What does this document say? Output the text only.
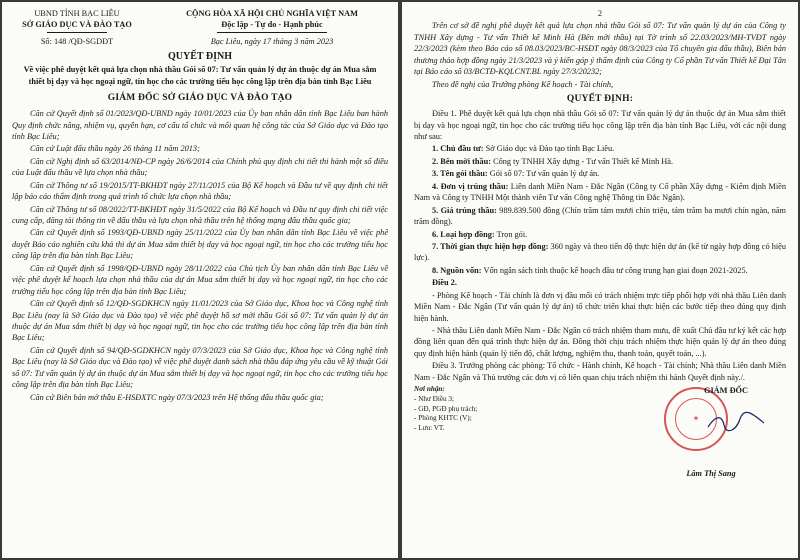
UBND TỈNH BẠC LIÊU
SỞ GIÁO DỤC VÀ ĐÀO TẠO
Số: 148 /QĐ-SGDĐT
CỘNG HÒA XÃ HỘI CHỦ NGHĨA VIỆT NAM
Độc lập - Tự do - Hạnh phúc
Bạc Liêu, ngày 17 tháng 3 năm 2023
QUYẾT ĐỊNH
Về việc phê duyệt kết quả lựa chọn nhà thầu Gói số 07: Tư vấn quản lý dự án thuộc dự án Mua sắm thiết bị dạy và học ngoại ngữ, tin học cho các trường tiểu học công lập trên địa bàn tỉnh Bạc Liêu
GIÁM ĐỐC SỞ GIÁO DỤC VÀ ĐÀO TẠO

Căn cứ Quyết định số 01/2023/QĐ-UBND ngày 10/01/2023 của Ủy ban nhân dân tỉnh Bạc Liêu ban hành Quy định chức năng, nhiệm vụ, quyền hạn, cơ cấu tổ chức và mối quan hệ công tác của Sở Giáo dục và Đào tạo tỉnh Bạc Liêu;

Căn cứ Luật đấu thầu ngày 26 tháng 11 năm 2013;

Căn cứ Nghị định số 63/2014/NĐ-CP ngày 26/6/2014 của Chính phủ quy định chi tiết thi hành một số điều của Luật đấu thầu về lựa chọn nhà thầu;

Căn cứ Thông tư số 19/2015/TT-BKHĐT ngày 27/11/2015 của Bộ Kế hoạch và Đầu tư về quy định chi tiết lập báo cáo thẩm định trong quá trình tổ chức lựa chọn nhà thầu;

Căn cứ Thông tư số 08/2022/TT-BKHĐT ngày 31/5/2022 của Bộ Kế hoạch và Đầu tư quy định chi tiết việc cung cấp, đăng tải thông tin về đấu thầu và lựa chọn nhà thầu trên hệ thống mạng đấu thầu quốc gia;

Căn cứ Quyết định số 1993/QĐ-UBND ngày 25/11/2022 của Ủy ban nhân dân tỉnh Bạc Liêu về việc phê duyệt Báo cáo nghiên cứu khả thi dự án Mua sắm thiết bị dạy và học ngoại ngữ, tin học cho các trường tiểu học công lập trên địa bàn tỉnh Bạc Liêu;

Căn cứ Quyết định số 1998/QĐ-UBND ngày 28/11/2022 của Chủ tịch Ủy ban nhân dân tỉnh Bạc Liêu về việc phê duyệt kế hoạch lựa chọn nhà thầu của dự án Mua sắm thiết bị dạy và học ngoại ngữ, tin học cho các trường tiểu học công lập trên địa bàn tỉnh Bạc Liêu;

Căn cứ Quyết định số 12/QĐ-SGDKHCN ngày 11/01/2023 của Sở Giáo dục, Khoa học và Công nghệ tỉnh Bạc Liêu (nay là Sở Giáo dục và Đào tạo) về việc phê duyệt hồ sơ mời thầu Gói số 07: Tư vấn quản lý dự án thuộc dự án Mua sắm thiết bị dạy và học ngoại ngữ, tin học cho các trường tiểu học công lập trên địa bàn tỉnh Bạc Liêu;

Căn cứ Quyết định số 94/QĐ-SGDKHCN ngày 07/3/2023 của Sở Giáo dục, Khoa học và Công nghệ tỉnh Bạc Liêu (nay là Sở Giáo dục và Đào tạo) về việc phê duyệt danh sách nhà thầu đáp ứng yêu cầu về kỹ thuật Gói số 07: Tư vấn quản lý dự án thuộc dự án Mua sắm thiết bị dạy và học ngoại ngữ, tin học cho các trường tiểu học công lập trên địa bàn tỉnh Bạc Liêu;

Căn cứ Biên bản mở thầu E-HSĐXTC ngày 07/3/2023 trên Hệ thống đấu thầu quốc gia;

2

Trên cơ sở đề nghị phê duyệt kết quả lựa chọn nhà thầu Gói số 07: Tư vấn quản lý dự án của Công ty TNHH Xây dựng - Tư vấn Thiết kế Minh Hà (Bên mời thầu) tại Tờ trình số 22.03/2023/MH-TVĐT ngày 22/3/2023 (kèm theo Báo cáo số 08.03/2023/BC-HSĐT ngày 08/3/2023 của Tổ chuyên gia đấu thầu), Biên bản thương thảo hợp đồng ngày 21/3/2023 và ý kiến góp ý thẩm định của Công ty Cổ phần Tư vấn Thiết kế Đại Tân tại Báo cáo số 03/BCTĐ-KQLCNT.BL ngày 27/3/20232;

Theo đề nghị của Trưởng phòng Kế hoạch - Tài chính,

QUYẾT ĐỊNH:

Điều 1. Phê duyệt kết quả lựa chọn nhà thầu Gói số 07: Tư vấn quản lý dự án thuộc dự án Mua sắm thiết bị dạy và học ngoại ngữ, tin học cho các trường tiểu học công lập trên địa bàn tỉnh Bạc Liêu, với các nội dung như sau:

1. Chủ đầu tư: Sở Giáo dục và Đào tạo tỉnh Bạc Liêu.

2. Bên mời thầu: Công ty TNHH Xây dựng - Tư vấn Thiết kế Minh Hà.

3. Tên gói thầu: Gói số 07: Tư vấn quản lý dự án.

4. Đơn vị trúng thầu: Liên danh Miền Nam - Đắc Ngân (Công ty Cổ phần Xây dựng - Kiểm định Miền Nam và Công ty TNHH Một thành viên Tư vấn Công nghệ Thông tin Đắc Ngân).

5. Giá trúng thầu: 989.839.500 đồng (Chín trăm tám mươi chín triệu, tám trăm ba mươi chín ngàn, năm trăm đồng).

6. Loại hợp đồng: Trọn gói.

7. Thời gian thực hiện hợp đồng: 360 ngày và theo tiến độ thực hiện dự án (kể từ ngày hợp đồng có hiệu lực).

8. Nguồn vốn: Vốn ngân sách tỉnh thuộc kế hoạch đầu tư công trung hạn giai đoạn 2021-2025.

Điều 2.

- Phòng Kế hoạch - Tài chính là đơn vị đầu mối có trách nhiệm trực tiếp phối hợp với nhà thầu Liên danh Miền Nam - Đắc Ngân (Tư vấn quản lý dự án) tổ chức triển khai thực hiện các bước tiếp theo đúng quy định hiện hành.

- Nhà thầu Liên danh Miền Nam - Đắc Ngân có trách nhiệm tham mưu, đề xuất Chủ đầu tư ký kết các hợp đồng liên quan đến quá trình thực hiện dự án. Đồng thời chịu trách nhiệm thực hiện quản lý dự án theo đúng quy định hiện hành (quản lý tiến độ, chất lượng, nghiệm thu, thanh toán, quyết toán, ...).

Điều 3. Trưởng phòng các phòng: Tổ chức - Hành chính, Kế hoạch - Tài chính; Nhà thầu Liên danh Miền Nam - Đắc Ngân và Thủ trưởng các đơn vị có liên quan chịu trách nhiệm thi hành Quyết định này./.

Nơi nhận:
- Như Điều 3;
- GĐ, PGĐ phụ trách;
- Phòng KHTC (V);
- Lưu: VT.
GIÁM ĐỐC
★
Lâm Thị Sang
